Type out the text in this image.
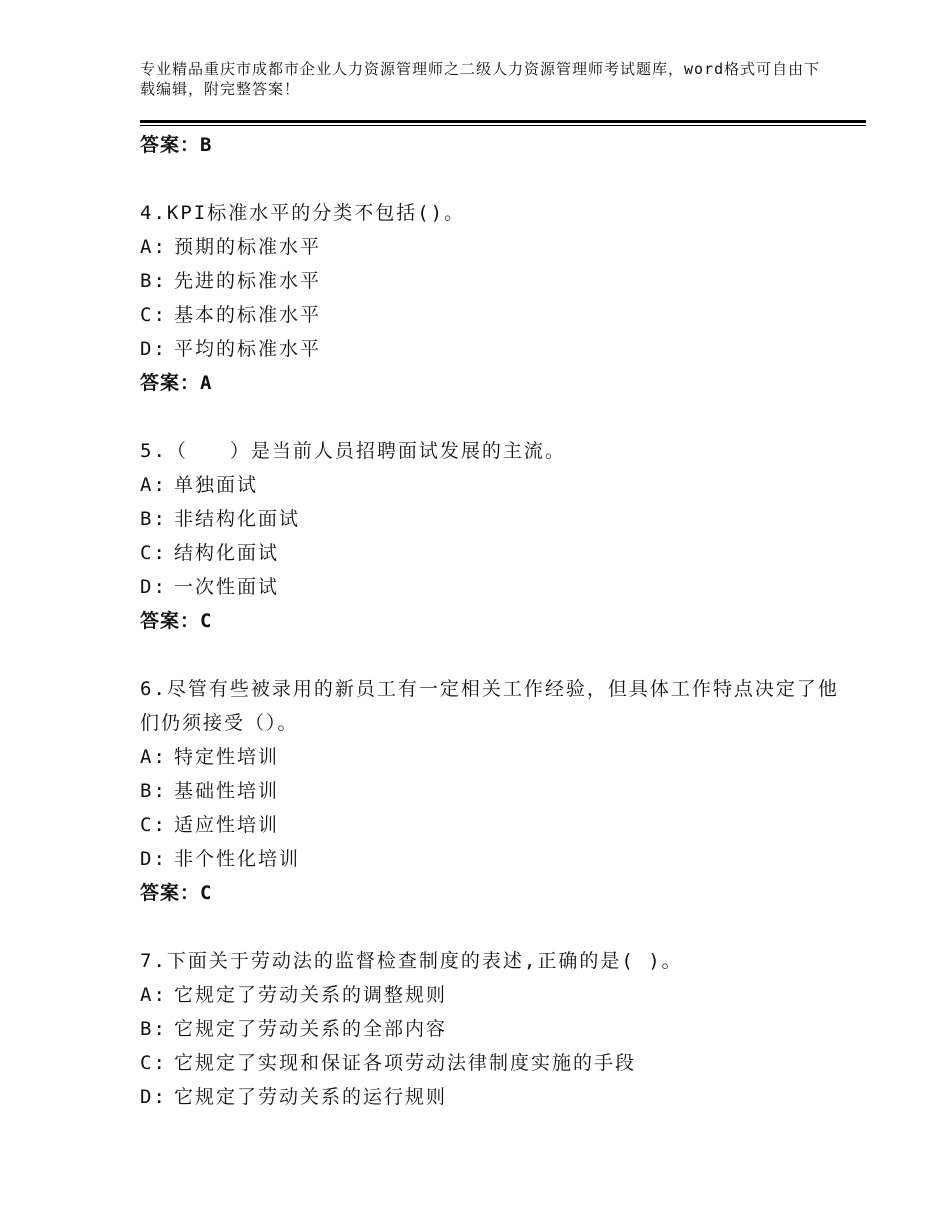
专业精品重庆市成都市企业人力资源管理师之二级人力资源管理师考试题库，word格式可自由下载编辑，附完整答案！
答案：B
4.KPI标准水平的分类不包括()。
A: 预期的标准水平
B: 先进的标准水平
C: 基本的标准水平
D: 平均的标准水平
答案：A
5.（　　）是当前人员招聘面试发展的主流。
A: 单独面试
B: 非结构化面试
C: 结构化面试
D: 一次性面试
答案：C
6.尽管有些被录用的新员工有一定相关工作经验，但具体工作特点决定了他们仍须接受（）。
A: 特定性培训
B: 基础性培训
C: 适应性培训
D: 非个性化培训
答案：C
7.下面关于劳动法的监督检查制度的表述,正确的是( )。
A: 它规定了劳动关系的调整规则
B: 它规定了劳动关系的全部内容
C: 它规定了实现和保证各项劳动法律制度实施的手段
D: 它规定了劳动关系的运行规则
